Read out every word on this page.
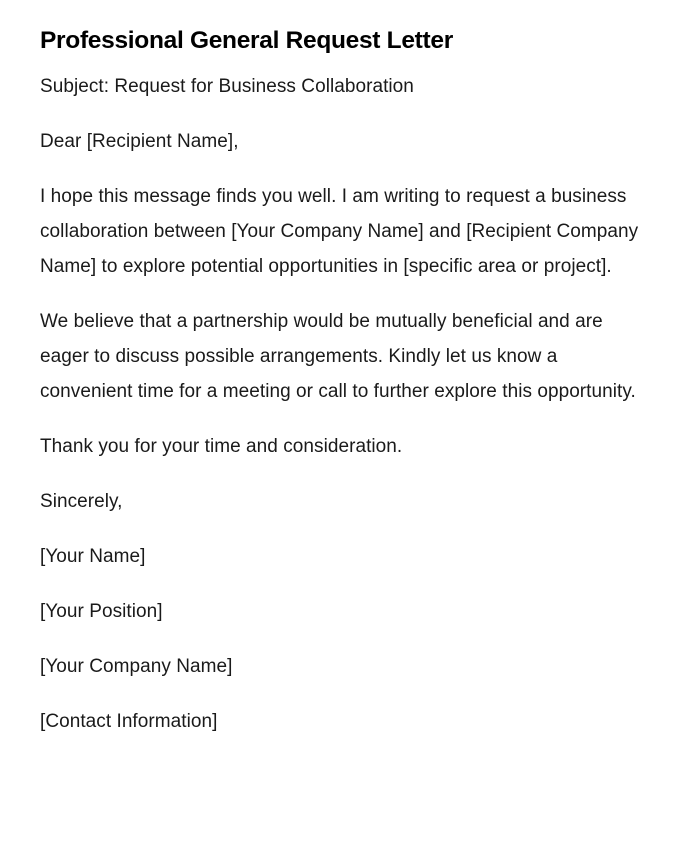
Professional General Request Letter

Subject: Request for Business Collaboration

Dear [Recipient Name],

I hope this message finds you well. I am writing to request a business collaboration between [Your Company Name] and [Recipient Company Name] to explore potential opportunities in [specific area or project].

We believe that a partnership would be mutually beneficial and are eager to discuss possible arrangements. Kindly let us know a convenient time for a meeting or call to further explore this opportunity.

Thank you for your time and consideration.

Sincerely,

[Your Name]

[Your Position]

[Your Company Name]

[Contact Information]
